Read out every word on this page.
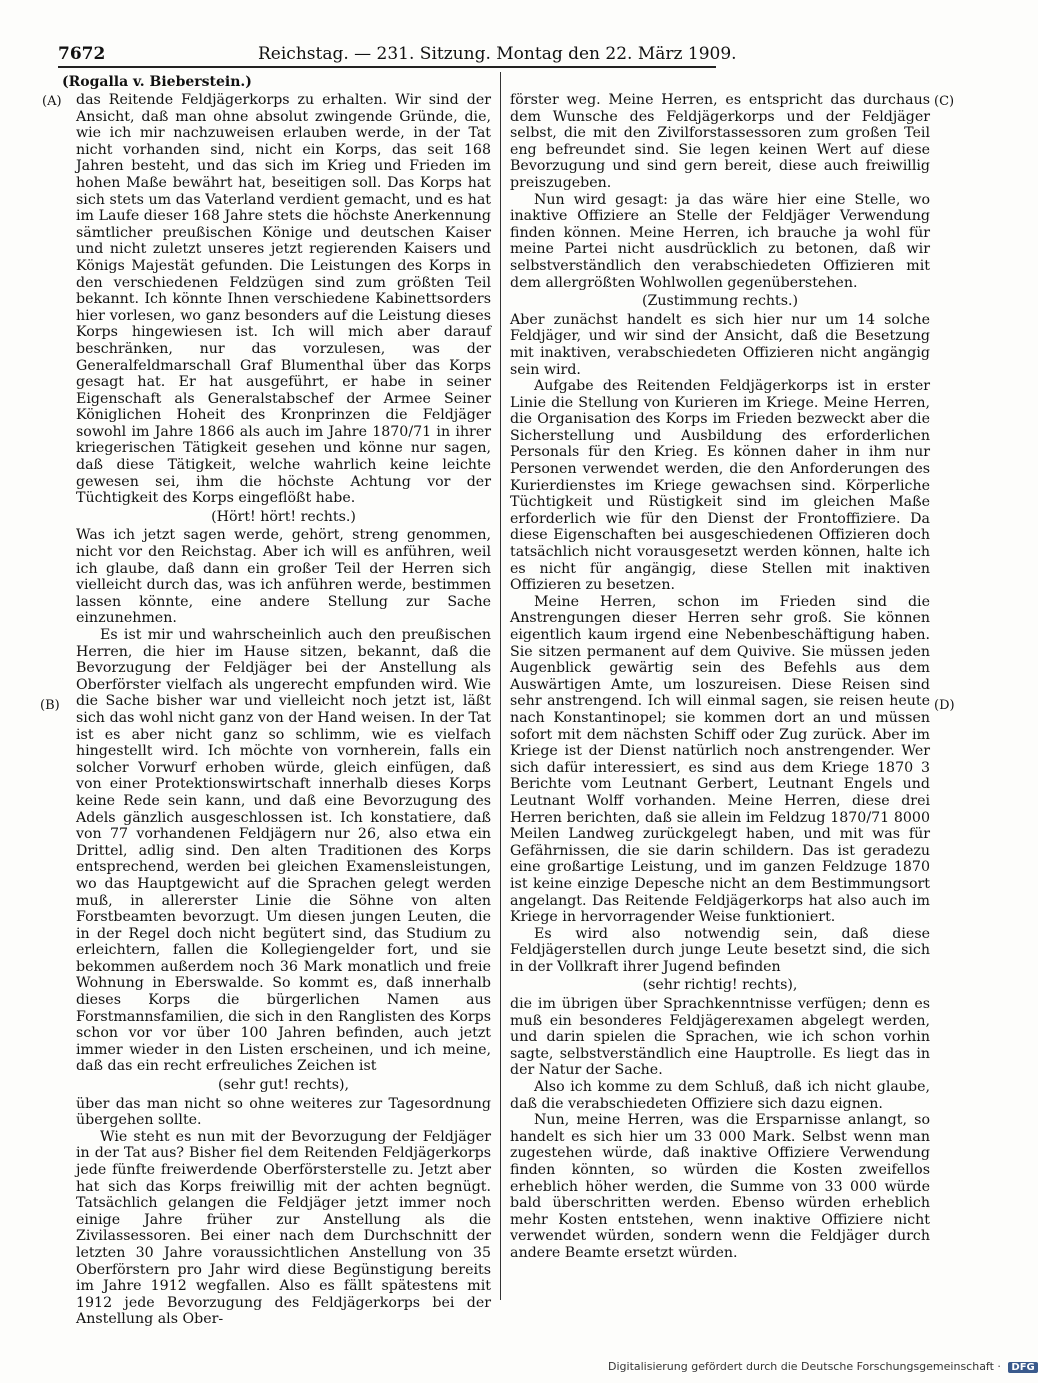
7672	Reichstag. — 231. Sitzung. Montag den 22. März 1909.
(Rogalla v. Bieberstein.)
(A)
(B)
(C)
(D)

das Reitende Feldjägerkorps zu erhalten. Wir sind der Ansicht, daß man ohne absolut zwingende Gründe, die, wie ich mir nachzuweisen erlauben werde, in der Tat nicht vorhanden sind, nicht ein Korps, das seit 168 Jahren besteht, und das sich im Krieg und Frieden im hohen Maße bewährt hat, beseitigen soll. Das Korps hat sich stets um das Vaterland verdient gemacht, und es hat im Laufe dieser 168 Jahre stets die höchste Anerkennung sämtlicher preußischen Könige und deutschen Kaiser und nicht zuletzt unseres jetzt regierenden Kaisers und Königs Majestät gefunden. Die Leistungen des Korps in den verschiedenen Feldzügen sind zum größten Teil bekannt. Ich könnte Ihnen verschiedene Kabinettsorders hier vorlesen, wo ganz besonders auf die Leistung dieses Korps hingewiesen ist. Ich will mich aber darauf beschränken, nur das vorzulesen, was der Generalfeldmarschall Graf Blumenthal über das Korps gesagt hat. Er hat ausgeführt, er habe in seiner Eigenschaft als Generalstabschef der Armee Seiner Königlichen Hoheit des Kronprinzen die Feldjäger sowohl im Jahre 1866 als auch im Jahre 1870/71 in ihrer kriegerischen Tätigkeit gesehen und könne nur sagen, daß diese Tätigkeit, welche wahrlich keine leichte gewesen sei, ihm die höchste Achtung vor der Tüchtigkeit des Korps eingeflößt habe.

(Hört! hört! rechts.)

Was ich jetzt sagen werde, gehört, streng genommen, nicht vor den Reichstag. Aber ich will es anführen, weil ich glaube, daß dann ein großer Teil der Herren sich vielleicht durch das, was ich anführen werde, bestimmen lassen könnte, eine andere Stellung zur Sache einzunehmen.

Es ist mir und wahrscheinlich auch den preußischen Herren, die hier im Hause sitzen, bekannt, daß die Bevorzugung der Feldjäger bei der Anstellung als Oberförster vielfach als ungerecht empfunden wird. Wie die Sache bisher war und vielleicht noch jetzt ist, läßt sich das wohl nicht ganz von der Hand weisen. In der Tat ist es aber nicht ganz so schlimm, wie es vielfach hingestellt wird. Ich möchte von vornherein, falls ein solcher Vorwurf erhoben würde, gleich einfügen, daß von einer Protektionswirtschaft innerhalb dieses Korps keine Rede sein kann, und daß eine Bevorzugung des Adels gänzlich ausgeschlossen ist. Ich konstatiere, daß von 77 vorhandenen Feldjägern nur 26, also etwa ein Drittel, adlig sind. Den alten Traditionen des Korps entsprechend, werden bei gleichen Examensleistungen, wo das Hauptgewicht auf die Sprachen gelegt werden muß, in allererster Linie die Söhne von alten Forstbeamten bevorzugt. Um diesen jungen Leuten, die in der Regel doch nicht begütert sind, das Studium zu erleichtern, fallen die Kollegiengelder fort, und sie bekommen außerdem noch 36 Mark monatlich und freie Wohnung in Eberswalde. So kommt es, daß innerhalb dieses Korps die bürgerlichen Namen aus Forstmannsfamilien, die sich in den Ranglisten des Korps schon vor vor über 100 Jahren befinden, auch jetzt immer wieder in den Listen erscheinen, und ich meine, daß das ein recht erfreuliches Zeichen ist

(sehr gut! rechts),

über das man nicht so ohne weiteres zur Tagesordnung übergehen sollte.

Wie steht es nun mit der Bevorzugung der Feldjäger in der Tat aus? Bisher fiel dem Reitenden Feldjägerkorps jede fünfte freiwerdende Oberförsterstelle zu. Jetzt aber hat sich das Korps freiwillig mit der achten begnügt. Tatsächlich gelangen die Feldjäger jetzt immer noch einige Jahre früher zur Anstellung als die Zivilassessoren. Bei einer nach dem Durchschnitt der letzten 30 Jahre voraussichtlichen Anstellung von 35 Oberförstern pro Jahr wird diese Begünstigung bereits im Jahre 1912 wegfallen. Also es fällt spätestens mit 1912 jede Bevorzugung des Feldjägerkorps bei der Anstellung als Ober-

förster weg. Meine Herren, es entspricht das durchaus dem Wunsche des Feldjägerkorps und der Feldjäger selbst, die mit den Zivilforstassessoren zum großen Teil eng befreundet sind. Sie legen keinen Wert auf diese Bevorzugung und sind gern bereit, diese auch freiwillig preiszugeben.

Nun wird gesagt: ja das wäre hier eine Stelle, wo inaktive Offiziere an Stelle der Feldjäger Verwendung finden können. Meine Herren, ich brauche ja wohl für meine Partei nicht ausdrücklich zu betonen, daß wir selbstverständlich den verabschiedeten Offizieren mit dem allergrößten Wohlwollen gegenüberstehen.

(Zustimmung rechts.)

Aber zunächst handelt es sich hier nur um 14 solche Feldjäger, und wir sind der Ansicht, daß die Besetzung mit inaktiven, verabschiedeten Offizieren nicht angängig sein wird.

Aufgabe des Reitenden Feldjägerkorps ist in erster Linie die Stellung von Kurieren im Kriege. Meine Herren, die Organisation des Korps im Frieden bezweckt aber die Sicherstellung und Ausbildung des erforderlichen Personals für den Krieg. Es können daher in ihm nur Personen verwendet werden, die den Anforderungen des Kurierdienstes im Kriege gewachsen sind. Körperliche Tüchtigkeit und Rüstigkeit sind im gleichen Maße erforderlich wie für den Dienst der Frontoffiziere. Da diese Eigenschaften bei ausgeschiedenen Offizieren doch tatsächlich nicht vorausgesetzt werden können, halte ich es nicht für angängig, diese Stellen mit inaktiven Offizieren zu besetzen.

Meine Herren, schon im Frieden sind die Anstrengungen dieser Herren sehr groß. Sie können eigentlich kaum irgend eine Nebenbeschäftigung haben. Sie sitzen permanent auf dem Quivive. Sie müssen jeden Augenblick gewärtig sein des Befehls aus dem Auswärtigen Amte, um loszureisen. Diese Reisen sind sehr anstrengend. Ich will einmal sagen, sie reisen heute nach Konstantinopel; sie kommen dort an und müssen sofort mit dem nächsten Schiff oder Zug zurück. Aber im Kriege ist der Dienst natürlich noch anstrengender. Wer sich dafür interessiert, es sind aus dem Kriege 1870 3 Berichte vom Leutnant Gerbert, Leutnant Engels und Leutnant Wolff vorhanden. Meine Herren, diese drei Herren berichten, daß sie allein im Feldzug 1870/71 8000 Meilen Landweg zurückgelegt haben, und mit was für Gefährnissen, die sie darin schildern. Das ist geradezu eine großartige Leistung, und im ganzen Feldzuge 1870 ist keine einzige Depesche nicht an dem Bestimmungsort angelangt. Das Reitende Feldjägerkorps hat also auch im Kriege in hervorragender Weise funktioniert.

Es wird also notwendig sein, daß diese Feldjägerstellen durch junge Leute besetzt sind, die sich in der Vollkraft ihrer Jugend befinden

(sehr richtig! rechts),

die im übrigen über Sprachkenntnisse verfügen; denn es muß ein besonderes Feldjägerexamen abgelegt werden, und darin spielen die Sprachen, wie ich schon vorhin sagte, selbstverständlich eine Hauptrolle. Es liegt das in der Natur der Sache.

Also ich komme zu dem Schluß, daß ich nicht glaube, daß die verabschiedeten Offiziere sich dazu eignen.

Nun, meine Herren, was die Ersparnisse anlangt, so handelt es sich hier um 33 000 Mark. Selbst wenn man zugestehen würde, daß inaktive Offiziere Verwendung finden könnten, so würden die Kosten zweifellos erheblich höher werden, die Summe von 33 000 würde bald überschritten werden. Ebenso würden erheblich mehr Kosten entstehen, wenn inaktive Offiziere nicht verwendet würden, sondern wenn die Feldjäger durch andere Beamte ersetzt würden.

Digitalisierung gefördert durch die Deutsche Forschungsgemeinschaft · DFG
